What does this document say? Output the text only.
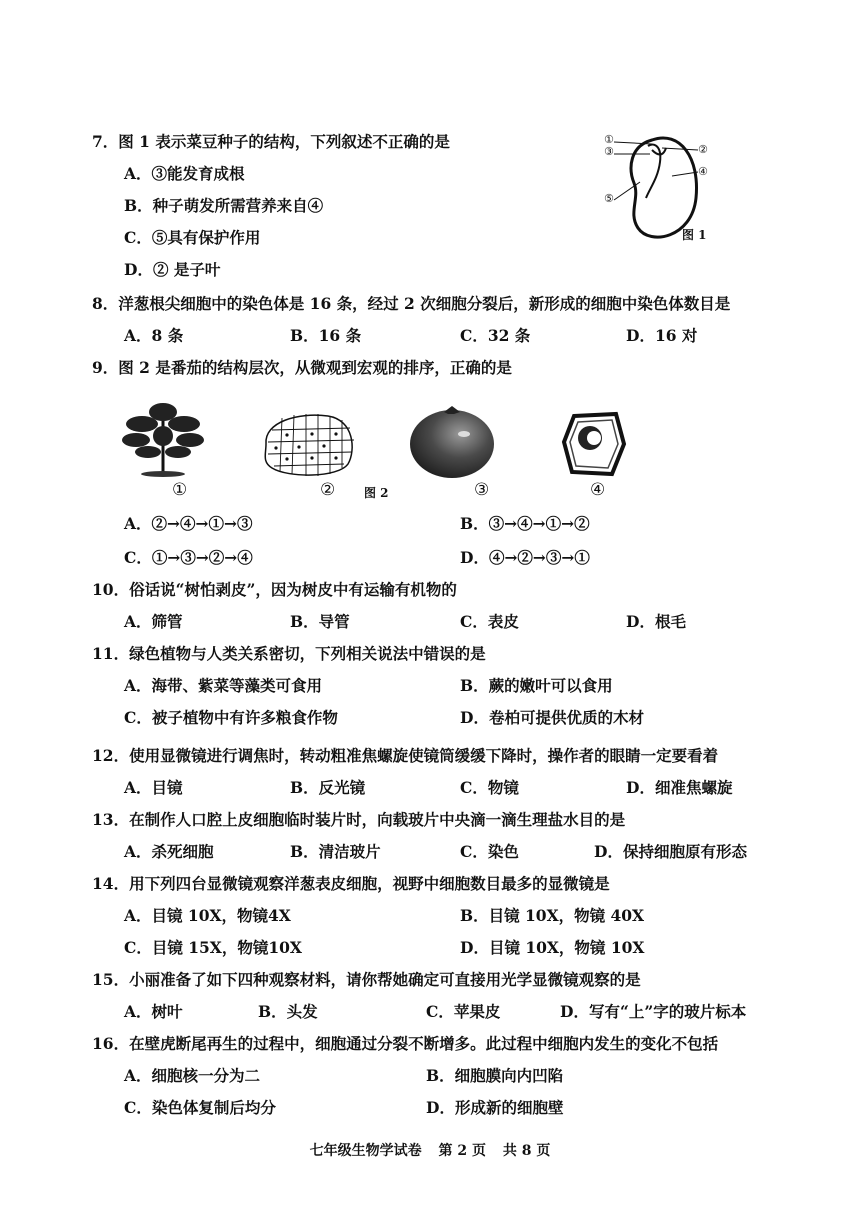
7．图 1 表示菜豆种子的结构，下列叙述不正确的是
A．③能发育成根
B．种子萌发所需营养来自④
C．⑤具有保护作用
D．② 是子叶
①
③
⑤
②
④
图 1
8．洋葱根尖细胞中的染色体是 16 条，经过 2 次细胞分裂后，新形成的细胞中染色体数目是
A．8 条	B．16 条	C．32 条	D．16 对
9．图 2 是番茄的结构层次，从微观到宏观的排序，正确的是
①	② 图 2	③	④
A．②→④→①→③	B．③→④→①→②
C．①→③→②→④	D．④→②→③→①
10．俗话说“树怕剥皮”，因为树皮中有运输有机物的
A．筛管	B．导管	C．表皮	D．根毛
11．绿色植物与人类关系密切，下列相关说法中错误的是
A．海带、紫菜等藻类可食用	B．蕨的嫩叶可以食用
C．被子植物中有许多粮食作物	D．卷柏可提供优质的木材
12．使用显微镜进行调焦时，转动粗准焦螺旋使镜筒缓缓下降时，操作者的眼睛一定要看着
A．目镜	B．反光镜	C．物镜	D．细准焦螺旋
13．在制作人口腔上皮细胞临时装片时，向载玻片中央滴一滴生理盐水目的是
A．杀死细胞	B．清洁玻片	C．染色	D．保持细胞原有形态
14．用下列四台显微镜观察洋葱表皮细胞，视野中细胞数目最多的显微镜是
A．目镜 10X，物镜4X	B．目镜 10X，物镜 40X
C．目镜 15X，物镜10X	D．目镜 10X，物镜 10X
15．小丽准备了如下四种观察材料，请你帮她确定可直接用光学显微镜观察的是
A．树叶	B．头发	C．苹果皮	D．写有“上”字的玻片标本
16．在壁虎断尾再生的过程中，细胞通过分裂不断增多。此过程中细胞内发生的变化不包括
A．细胞核一分为二	B．细胞膜向内凹陷
C．染色体复制后均分	D．形成新的细胞壁
七年级生物学试卷 第 2 页 共 8 页
